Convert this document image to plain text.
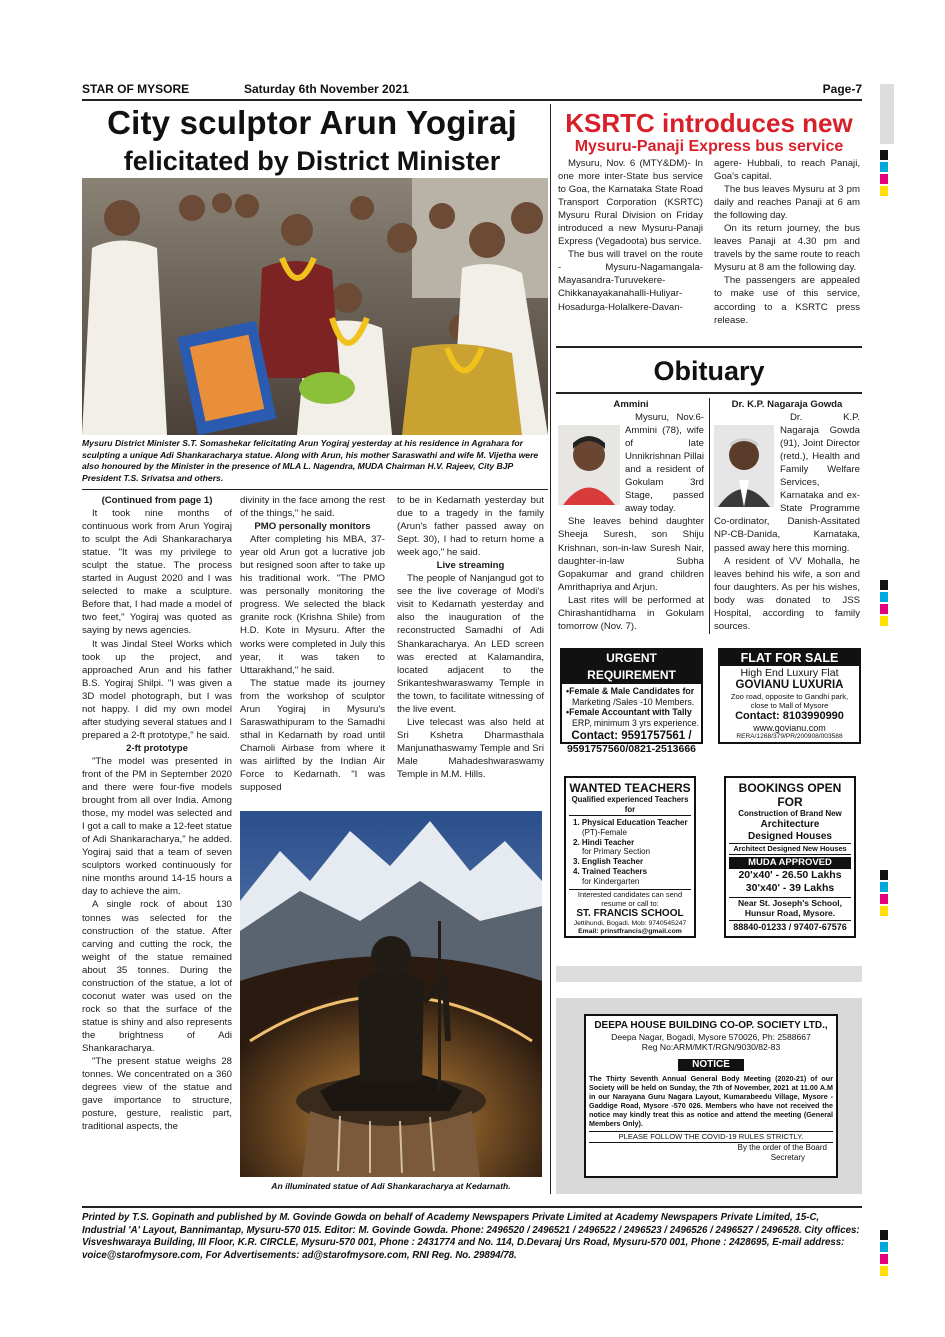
STAR OF MYSORE	Saturday 6th November 2021	Page-7
City sculptor Arun Yogiraj
felicitated by District Minister
Mysuru District Minister S.T. Somashekar felicitating Arun Yogiraj yesterday at his residence in Agrahara for sculpting a unique Adi Shankaracharya statue. Along with Arun, his mother Saraswathi and wife M. Vijetha were also honoured by the Minister in the presence of MLA L. Nagendra, MUDA Chairman H.V. Rajeev, City BJP President T.S. Srivatsa and others.

(Continued from page 1)

It took nine months of continuous work from Arun Yogiraj to sculpt the Adi Shankaracharya statue. "It was my privilege to sculpt the statue. The process started in August 2020 and I was selected to make a sculpture. Before that, I had made a model of two feet," Yogiraj was quoted as saying by news agencies.

It was Jindal Steel Works which took up the project, and approached Arun and his father B.S. Yogiraj Shilpi. "I was given a 3D model photograph, but I was not happy. I did my own model after studying several statues and I prepared a 2-ft prototype," he said.

2-ft prototype

"The model was presented in front of the PM in September 2020 and there were four-five models brought from all over India. Among those, my model was selected and I got a call to make a 12-feet statue of Adi Shankaracharya," he added. Yogiraj said that a team of seven sculptors worked continuously for nine months around 14-15 hours a day to achieve the aim.

A single rock of about 130 tonnes was selected for the construction of the statue. After carving and cutting the rock, the weight of the statue remained about 35 tonnes. During the construction of the statue, a lot of coconut water was used on the rock so that the surface of the statue is shiny and also represents the brightness of Adi Shankaracharya.

"The present statue weighs 28 tonnes. We concentrated on a 360 degrees view of the statue and gave importance to structure, posture, gesture, realistic part, traditional aspects, the

divinity in the face among the rest of the things," he said.

PMO personally monitors

After completing his MBA, 37-year old Arun got a lucrative job but resigned soon after to take up his traditional work. "The PMO was personally monitoring the progress. We selected the black granite rock (Krishna Shile) from H.D. Kote in Mysuru. After the works were completed in July this year, it was taken to Uttarakhand," he said.

The statue made its journey from the workshop of sculptor Arun Yogiraj in Mysuru's Saraswathipuram to the Samadhi sthal in Kedarnath by road until Chamoli Airbase from where it was airlifted by the Indian Air Force to Kedarnath. "I was supposed

to be in Kedarnath yesterday but due to a tragedy in the family (Arun's father passed away on Sept. 30), I had to return home a week ago," he said.

Live streaming

The people of Nanjangud got to see the live coverage of Modi's visit to Kedarnath yesterday and also the inauguration of the reconstructed Samadhi of Adi Shankaracharya. An LED screen was erected at Kalamandira, located adjacent to the Srikanteshwaraswamy Temple in the town, to facilitate witnessing of the live event.

Live telecast was also held at Sri Kshetra Dharmasthala Manjunathaswamy Temple and Sri Male Mahadeshwaraswamy Temple in M.M. Hills.

An illuminated statue of Adi Shankaracharya at Kedarnath.
KSRTC introduces new
Mysuru-Panaji Express bus service

Mysuru, Nov. 6 (MTY&DM)- In one more inter-State bus service to Goa, the Karnataka State Road Transport Corporation (KSRTC) Mysuru Rural Division on Friday introduced a new Mysuru-Panaji Express (Vegadoota) bus service.

The bus will travel on the route - Mysuru-Nagamangala-Mayasandra-Turuvekere-Chikkanayakanahalli-Huliyar-Hosadurga-Holalkere-Davan-

agere- Hubbali, to reach Panaji, Goa's capital.

The bus leaves Mysuru at 3 pm daily and reaches Panaji at 6 am the following day.

On its return journey, the bus leaves Panaji at 4.30 pm and travels by the same route to reach Mysuru at 8 am the following day.

The passengers are appealed to make use of this service, according to a KSRTC press release.

Obituary
Ammini

Mysuru, Nov.6- Ammini (78), wife of late Unnikrishnan Pillai and a resident of Gokulam 3rd Stage, passed away today.

She leaves behind daughter Sheeja Suresh, son Shiju Krishnan, son-in-law Suresh Nair, daughter-in-law Subha Gopakumar and grand children Amrithapriya and Arjun.

Last rites will be performed at Chirashantidhama in Gokulam tomorrow (Nov. 7).

Dr. K.P. Nagaraja Gowda

Dr. K.P. Nagaraja Gowda (91), Joint Director (retd.), Health and Family Welfare Services, Karnataka and ex-State Programme Co-ordinator, Danish-Assitated NP-CB-Danida, Karnataka, passed away here this morning.

A resident of VV Mohalla, he leaves behind his wife, a son and four daughters. As per his wishes, body was donated to JSS Hospital, according to family sources.

URGENT REQUIREMENT
•Female & Male Candidates for
Marketing /Sales -10 Members.
•Female Accountant with Tally
ERP, minimum 3 yrs experience.
Contact: 9591757561 /
9591757560/0821-2513666
FLAT FOR SALE
High End Luxury Flat
GOVIANU LUXURIA
Zoo road, opposite to Gandhi park,
close to Mall of Mysore
Contact: 8103990990
www.govianu.com
RERA/1268/379/PR/200908/003588
WANTED TEACHERS
Qualified experienced Teachers for
1. Physical Education Teacher
(PT)-Female
2. Hindi Teacher
for Primary Section
3. English Teacher
4. Trained Teachers
for Kindergarten
Interested candidates can send
resume or call to:
ST. FRANCIS SCHOOL
Jettihundi, Bogadi. Mob: 9740545247
Email: prinstfrancis@gmail.com
BOOKINGS OPEN FOR
Construction of Brand New
Architecture
Designed Houses
Architect Designed New Houses
MUDA APPROVED
20'x40' - 26.50 Lakhs
30'x40' - 39 Lakhs
Near St. Joseph's School,
Hunsur Road, Mysore.
88840-01233 / 97407-67576
DEEPA HOUSE BUILDING CO-OP. SOCIETY LTD.,
Deepa Nagar, Bogadi, Mysore 570026, Ph: 2588667
Reg No:ARM/MKT/RGN/9030/82-83
NOTICE
The Thirty Seventh Annual General Body Meeting (2020-21) of our Society will be held on Sunday, the 7th of November, 2021 at 11.00 A.M in our Narayana Guru Nagara Layout, Kumarabeedu Village, Mysore - Gaddige Road, Mysore -570 026. Members who have not received the notice may kindly treat this as notice and attend the meeting (General Members Only).
PLEASE FOLLOW THE COVID-19 RULES STRICTLY.
By the order of the Board
Secretary
Printed by T.S. Gopinath and published by M. Govinde Gowda on behalf of Academy Newspapers Private Limited at Academy Newspapers Private Limited, 15-C, Industrial 'A' Layout, Bannimantap, Mysuru-570 015. Editor: M. Govinde Gowda. Phone: 2496520 / 2496521 / 2496522 / 2496523 / 2496526 / 2496527 / 2496528. City offices: Visveshwaraya Building, III Floor, K.R. CIRCLE, Mysuru-570 001, Phone : 2431774 and No. 114, D.Devaraj Urs Road, Mysuru-570 001, Phone : 2428695, E-mail address: voice@starofmysore.com, For Advertisements: ad@starofmysore.com, RNI Reg. No. 29894/78.
